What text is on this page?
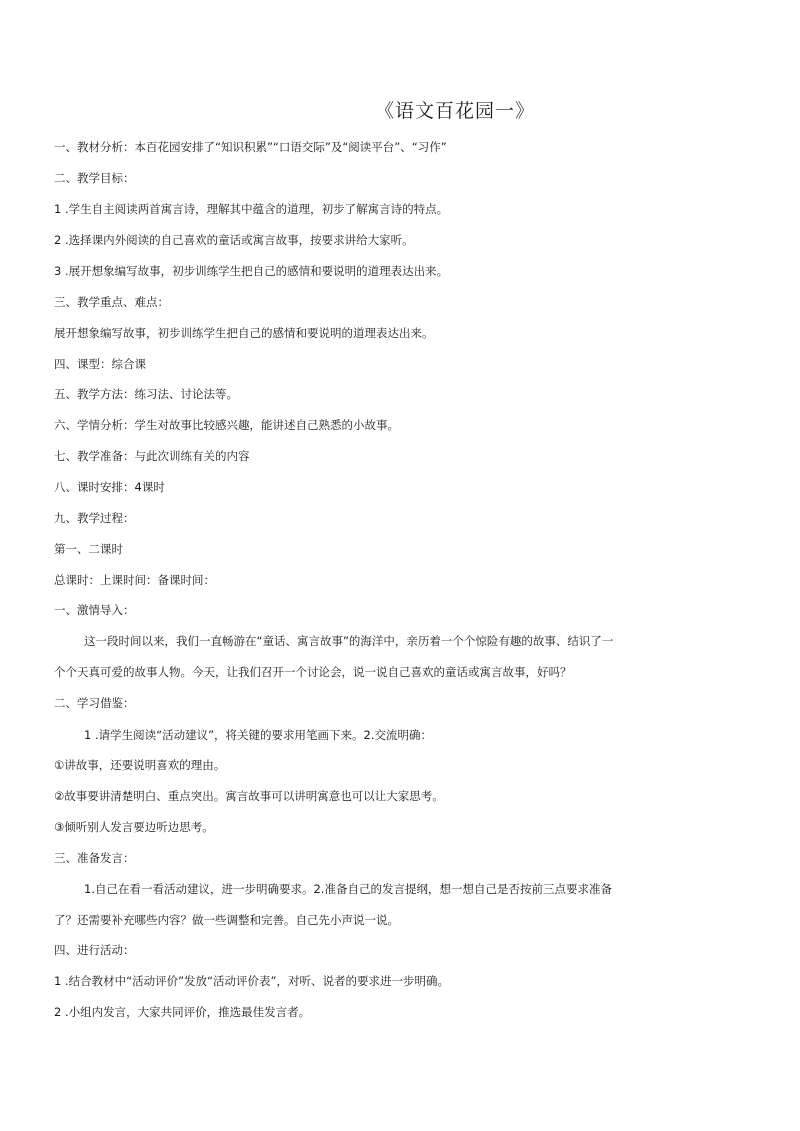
《语文百花园一》
一、教材分析：本百花园安排了“知识积累”“口语交际”及“阅读平台”、“习作”
二、教学目标：
1 .学生自主阅读两首寓言诗，理解其中蕴含的道理，初步了解寓言诗的特点。
2 .选择课内外阅读的自己喜欢的童话或寓言故事，按要求讲给大家听。
3 .展开想象编写故事，初步训练学生把自己的感情和要说明的道理表达出来。
三、教学重点、难点：
展开想象编写故事，初步训练学生把自己的感情和要说明的道理表达出来。
四、课型：综合课
五、教学方法：练习法、讨论法等。
六、学情分析：学生对故事比较感兴趣，能讲述自己熟悉的小故事。
七、教学准备：与此次训练有关的内容
八、课时安排：4课时
九、教学过程：
第一、二课时
总课时：上课时间：备课时间：
一、激情导入：
这一段时间以来，我们一直畅游在“童话、寓言故事”的海洋中，亲历着一个个惊险有趣的故事、结识了一
个个天真可爱的故事人物。今天，让我们召开一个讨论会，说一说自己喜欢的童话或寓言故事，好吗？
二、学习借鉴：
1 .请学生阅读“活动建议”，将关键的要求用笔画下来。2.交流明确：
①讲故事，还要说明喜欢的理由。
②故事要讲清楚明白、重点突出。寓言故事可以讲明寓意也可以让大家思考。
③倾听别人发言要边听边思考。
三、准备发言：
1.自己在看一看活动建议，进一步明确要求。2.准备自己的发言提纲，想一想自己是否按前三点要求准备
了？还需要补充哪些内容？做一些调整和完善。自己先小声说一说。
四、进行活动：
1 .结合教材中“活动评价”发放“活动评价表”，对听、说者的要求进一步明确。
2 .小组内发言，大家共同评价，推选最佳发言者。
